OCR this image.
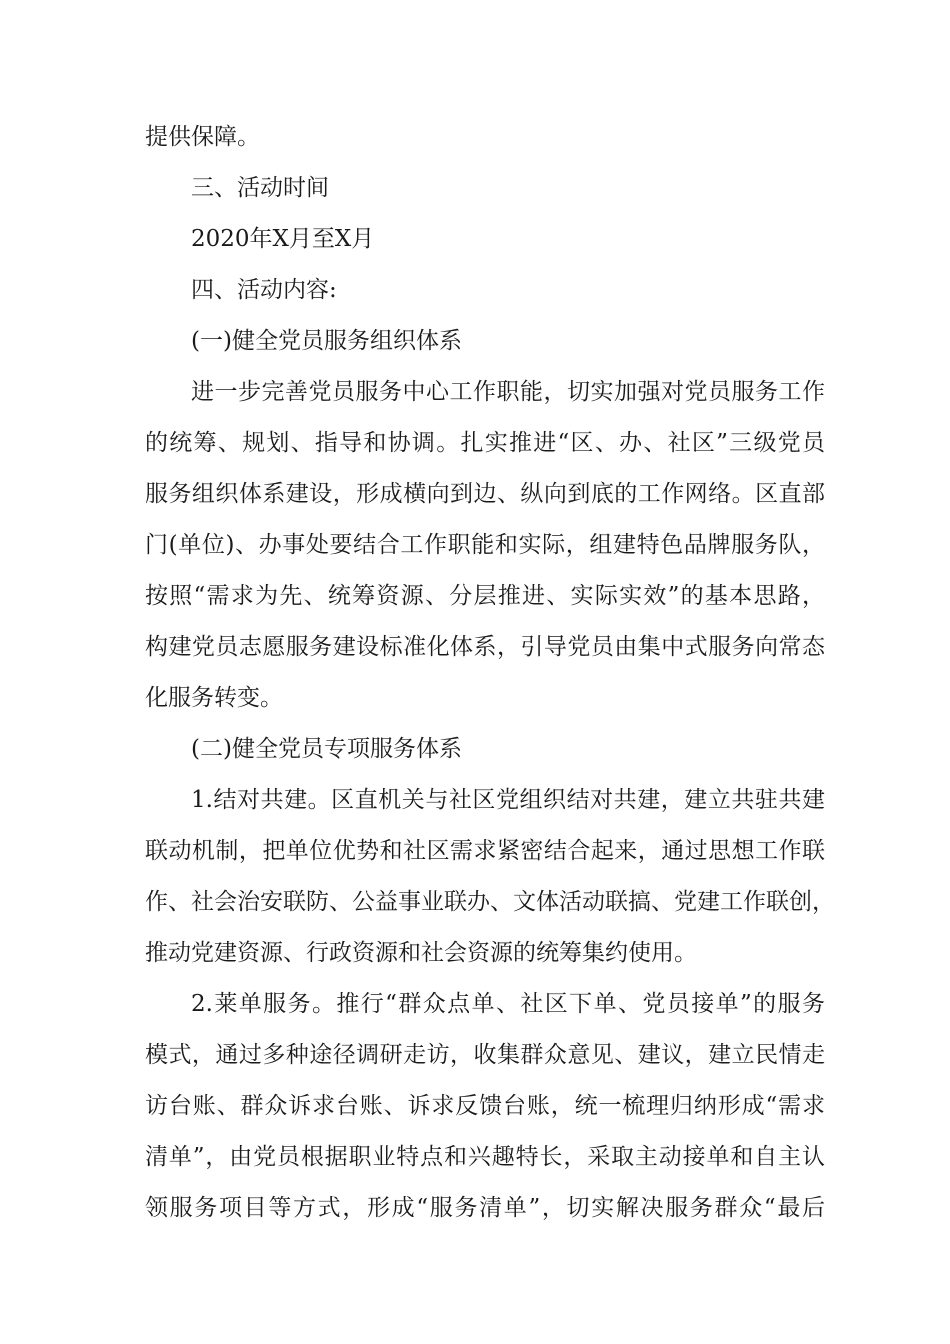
提供保障。
三、活动时间
2020年X月至X月
四、活动内容:
(一)健全党员服务组织体系
进一步完善党员服务中心工作职能，切实加强对党员服务工作
的统筹、规划、指导和协调。扎实推进“区、办、社区”三级党员
服务组织体系建设，形成横向到边、纵向到底的工作网络。区直部
门(单位)、办事处要结合工作职能和实际，组建特色品牌服务队，
按照“需求为先、统筹资源、分层推进、实际实效”的基本思路，
构建党员志愿服务建设标准化体系，引导党员由集中式服务向常态
化服务转变。
(二)健全党员专项服务体系
1.结对共建。区直机关与社区党组织结对共建，建立共驻共建
联动机制，把单位优势和社区需求紧密结合起来，通过思想工作联
作、社会治安联防、公益事业联办、文体活动联搞、党建工作联创，
推动党建资源、行政资源和社会资源的统筹集约使用。
2.莱单服务。推行“群众点单、社区下单、党员接单”的服务
模式，通过多种途径调研走访，收集群众意见、建议，建立民情走
访台账、群众诉求台账、诉求反馈台账，统一梳理归纳形成“需求
清单”，由党员根据职业特点和兴趣特长，采取主动接单和自主认
领服务项目等方式，形成“服务清单”，切实解决服务群众“最后
